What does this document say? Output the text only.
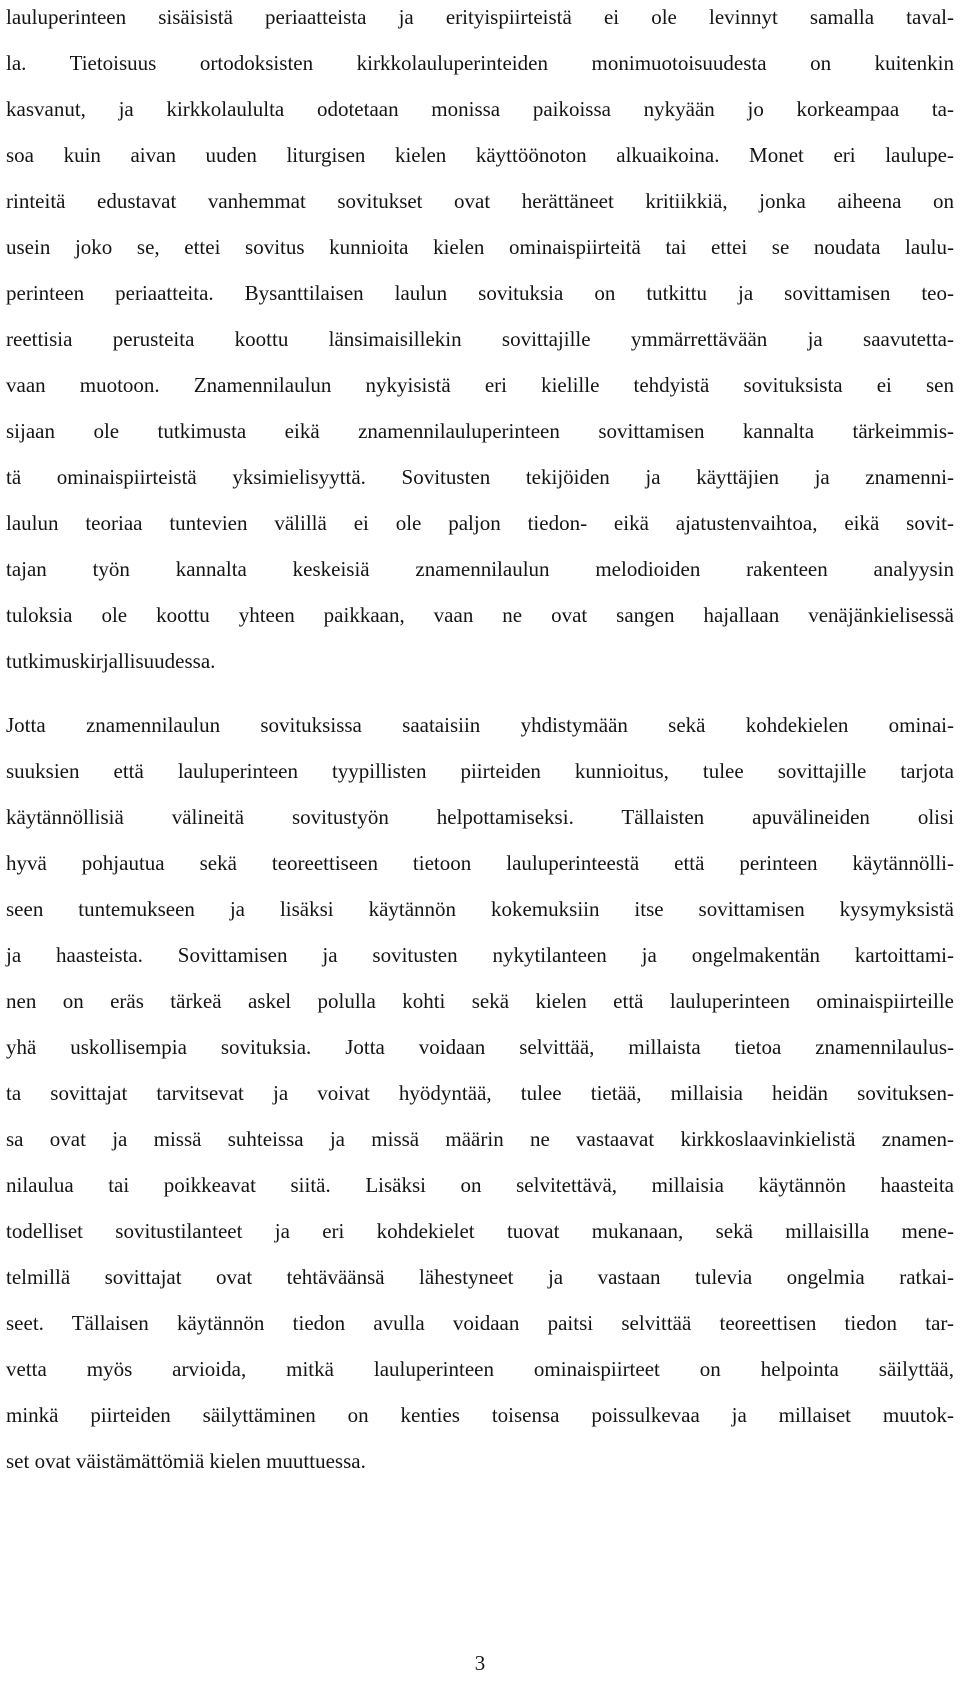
lauluperinteen sisäisistä periaatteista ja erityispiirteistä ei ole levinnyt samalla taval-
la. Tietoisuus ortodoksisten kirkkolauluperinteiden monimuotoisuudesta on kuitenkin
kasvanut, ja kirkkolaululta odotetaan monissa paikoissa nykyään jo korkeampaa ta-
soa kuin aivan uuden liturgisen kielen käyttöönoton alkuaikoina. Monet eri laulupe-
rinteitä edustavat vanhemmat sovitukset ovat herättäneet kritiikkiä, jonka aiheena on
usein joko se, ettei sovitus kunnioita kielen ominaispiirteitä tai ettei se noudata laulu-
perinteen periaatteita. Bysanttilaisen laulun sovituksia on tutkittu ja sovittamisen teo-
reettisia perusteita koottu länsimaisillekin sovittajille ymmärrettävään ja saavutetta-
vaan muotoon. Znamennilaulun nykyisistä eri kielille tehdyistä sovituksista ei sen
sijaan ole tutkimusta eikä znamennilauluperinteen sovittamisen kannalta tärkeimmis-
tä ominaispiirteistä yksimielisyyttä. Sovitusten tekijöiden ja käyttäjien ja znamenni-
laulun teoriaa tuntevien välillä ei ole paljon tiedon- eikä ajatustenvaihtoa, eikä sovit-
tajan työn kannalta keskeisiä znamennilaulun melodioiden rakenteen analyysin
tuloksia ole koottu yhteen paikkaan, vaan ne ovat sangen hajallaan venäjänkielisessä
tutkimuskirjallisuudessa.
Jotta znamennilaulun sovituksissa saataisiin yhdistymään sekä kohdekielen ominai-
suuksien että lauluperinteen tyypillisten piirteiden kunnioitus, tulee sovittajille tarjota
käytännöllisiä välineitä sovitustyön helpottamiseksi. Tällaisten apuvälineiden olisi
hyvä pohjautua sekä teoreettiseen tietoon lauluperinteestä että perinteen käytännölli-
seen tuntemukseen ja lisäksi käytännön kokemuksiin itse sovittamisen kysymyksistä
ja haasteista. Sovittamisen ja sovitusten nykytilanteen ja ongelmakentän kartoittami-
nen on eräs tärkeä askel polulla kohti sekä kielen että lauluperinteen ominaispiirteille
yhä uskollisempia sovituksia. Jotta voidaan selvittää, millaista tietoa znamennilaulus-
ta sovittajat tarvitsevat ja voivat hyödyntää, tulee tietää, millaisia heidän sovituksen-
sa ovat ja missä suhteissa ja missä määrin ne vastaavat kirkkoslaavinkielistä znamen-
nilaulua tai poikkeavat siitä. Lisäksi on selvitettävä, millaisia käytännön haasteita
todelliset sovitustilanteet ja eri kohdekielet tuovat mukanaan, sekä millaisilla mene-
telmillä sovittajat ovat tehtäväänsä lähestyneet ja vastaan tulevia ongelmia ratkai-
seet. Tällaisen käytännön tiedon avulla voidaan paitsi selvittää teoreettisen tiedon tar-
vetta myös arvioida, mitkä lauluperinteen ominaispiirteet on helpointa säilyttää,
minkä piirteiden säilyttäminen on kenties toisensa poissulkevaa ja millaiset muutok-
set ovat väistämättömiä kielen muuttuessa.
3
